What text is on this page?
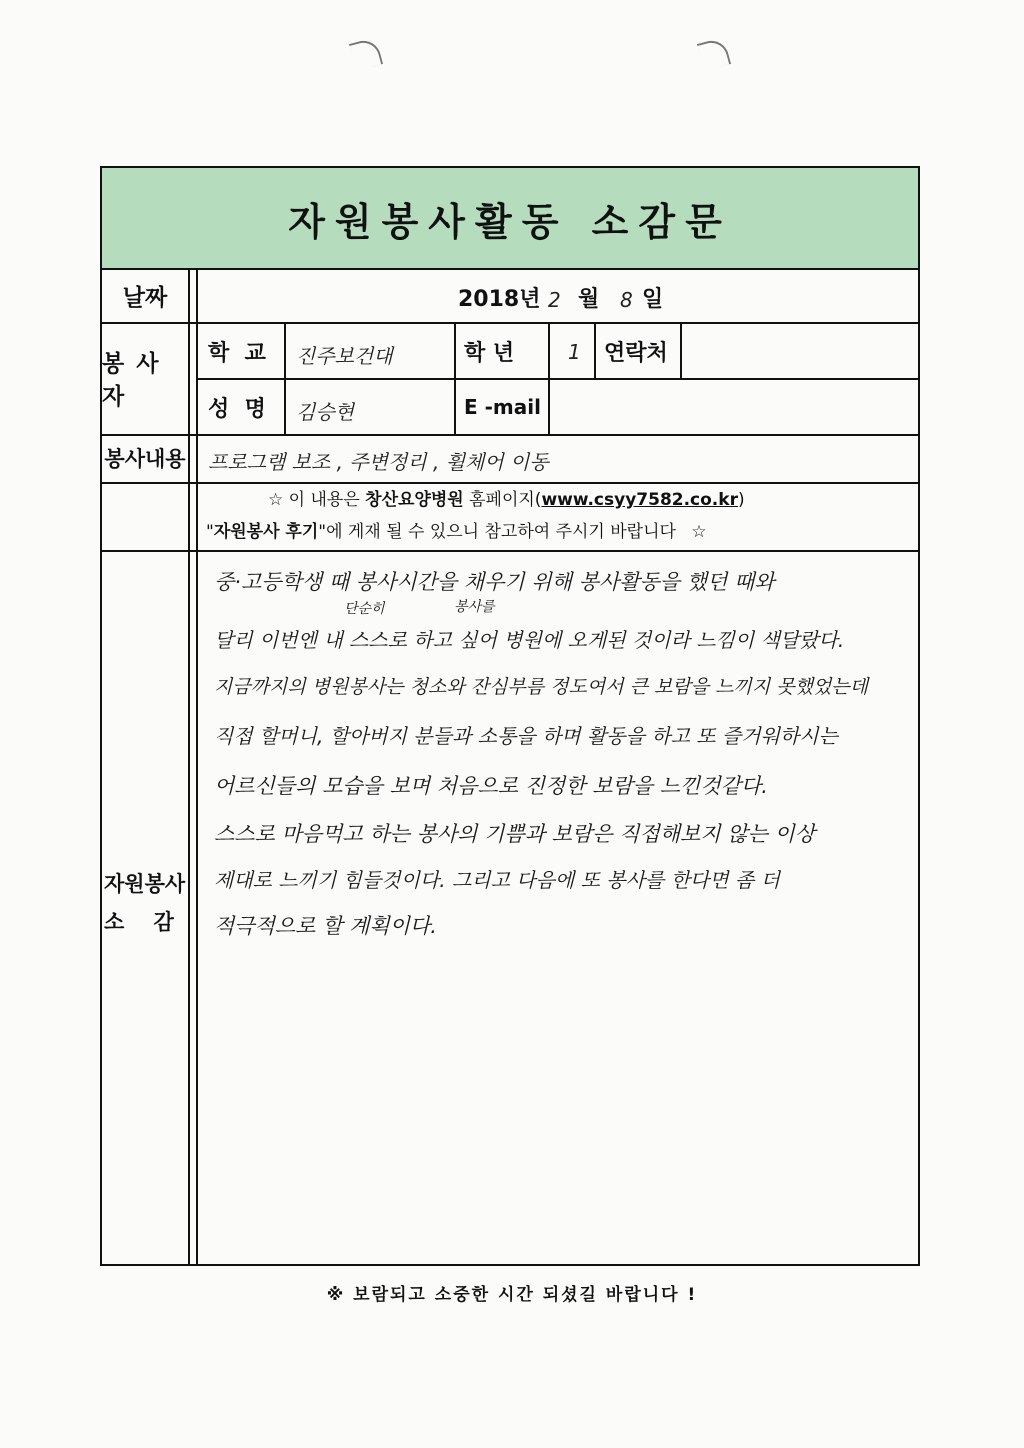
자원봉사활동 소감문
날짜	2018년 2 월 8 일
봉 사 자
학  교	진주보건대	학 년	1 연락처
성  명	김승현	E -mail
봉사내용 프로그램 보조 , 주변정리 , 휠체어 이동
☆ 이 내용은 창산요양병원 홈페이지(www.csyy7582.co.kr)
"자원봉사 후기"에 게재 될 수 있으니 참고하여 주시기 바랍니다 ☆
자원봉사
소    감
중·고등학생 때 봉사시간을 채우기 위해 봉사활동을 했던 때와
단순히	봉사를
달리 이번엔 내 스스로 하고 싶어 병원에 오게된 것이라 느낌이 색달랐다.
지금까지의 병원봉사는 청소와 잔심부름 정도여서 큰 보람을 느끼지 못했었는데
직접 할머니, 할아버지 분들과 소통을 하며 활동을 하고 또 즐거워하시는
어르신들의 모습을 보며 처음으로 진정한 보람을 느낀것같다.
스스로 마음먹고 하는 봉사의 기쁨과 보람은 직접해보지 않는 이상
제대로 느끼기 힘들것이다. 그리고 다음에 또 봉사를 한다면 좀 더
적극적으로 할 계획이다.
※ 보람되고 소중한 시간 되셨길 바랍니다 !
